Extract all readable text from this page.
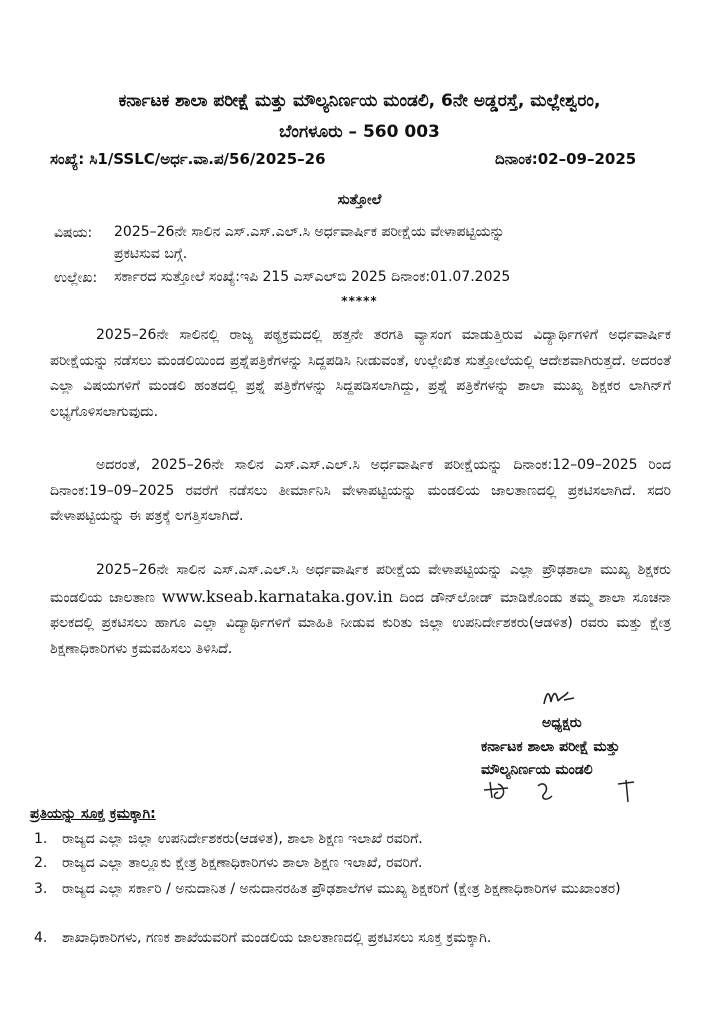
ಕರ್ನಾಟಕ ಶಾಲಾ ಪರೀಕ್ಷೆ ಮತ್ತು ಮೌಲ್ಯನಿರ್ಣಯ ಮಂಡಲಿ, 6ನೇ ಅಡ್ಡರಸ್ತೆ, ಮಲ್ಲೇಶ್ವರಂ,
ಬೆಂಗಳೂರು – 560 003
ಸಂಖ್ಯೆ: ಸಿ1/SSLC/ಅರ್ಧ.ವಾ.ಪ/56/2025–26	ದಿನಾಂಕ:02–09–2025
ಸುತ್ತೋಲೆ
ವಿಷಯ: 2025–26ನೇ ಸಾಲಿನ ಎಸ್.ಎಸ್.ಎಲ್.ಸಿ ಅರ್ಧವಾರ್ಷಿಕ ಪರೀಕ್ಷೆಯ ವೇಳಾಪಟ್ಟಿಯನ್ನು
ಪ್ರಕಟಿಸುವ ಬಗ್ಗೆ.
ಉಲ್ಲೇಖ: ಸರ್ಕಾರದ ಸುತ್ತೋಲೆ ಸಂಖ್ಯೆ:ಇಪಿ 215 ಎಸ್‌ಎಲ್‌ಬಿ 2025 ದಿನಾಂಕ:01.07.2025
*****
2025–26ನೇ ಸಾಲಿನಲ್ಲಿ ರಾಜ್ಯ ಪಠ್ಯಕ್ರಮದಲ್ಲಿ ಹತ್ತನೇ ತರಗತಿ ವ್ಯಾಸಂಗ ಮಾಡುತ್ತಿರುವ ವಿದ್ಯಾರ್ಥಿಗಳಿಗೆ ಅರ್ಧವಾರ್ಷಿಕ ಪರೀಕ್ಷೆಯನ್ನು ನಡೆಸಲು ಮಂಡಲಿಯಿಂದ ಪ್ರಶ್ನೆಪತ್ರಿಕೆಗಳನ್ನು ಸಿದ್ದಪಡಿಸಿ ನೀಡುವಂತೆ, ಉಲ್ಲೇಖಿತ ಸುತ್ತೋಲೆಯಲ್ಲಿ ಆದೇಶವಾಗಿರುತ್ತದೆ. ಅದರಂತೆ ಎಲ್ಲಾ ವಿಷಯಗಳಿಗೆ ಮಂಡಲಿ ಹಂತದಲ್ಲಿ ಪ್ರಶ್ನೆ ಪತ್ರಿಕೆಗಳನ್ನು ಸಿದ್ದಪಡಿಸಲಾಗಿದ್ದು, ಪ್ರಶ್ನೆ ಪತ್ರಿಕೆಗಳನ್ನು ಶಾಲಾ ಮುಖ್ಯ ಶಿಕ್ಷಕರ ಲಾಗಿನ್‌ಗೆ ಲಭ್ಯಗೊಳಿಸಲಾಗುವುದು.
ಅದರಂತೆ, 2025–26ನೇ ಸಾಲಿನ ಎಸ್.ಎಸ್.ಎಲ್.ಸಿ ಅರ್ಧವಾರ್ಷಿಕ ಪರೀಕ್ಷೆಯನ್ನು ದಿನಾಂಕ:12–09–2025 ರಿಂದ ದಿನಾಂಕ:19–09–2025 ರವರೆಗೆ ನಡೆಸಲು ತೀರ್ಮಾನಿಸಿ ವೇಳಾಪಟ್ಟಿಯನ್ನು ಮಂಡಲಿಯ ಜಾಲತಾಣದಲ್ಲಿ ಪ್ರಕಟಿಸಲಾಗಿದೆ. ಸದರಿ ವೇಳಾಪಟ್ಟಿಯನ್ನು ಈ ಪತ್ರಕ್ಕೆ ಲಗತ್ತಿಸಲಾಗಿದೆ.
2025–26ನೇ ಸಾಲಿನ ಎಸ್.ಎಸ್.ಎಲ್.ಸಿ ಅರ್ಧವಾರ್ಷಿಕ ಪರೀಕ್ಷೆಯ ವೇಳಾಪಟ್ಟಿಯನ್ನು ಎಲ್ಲಾ ಪ್ರೌಢಶಾಲಾ ಮುಖ್ಯ ಶಿಕ್ಷಕರು ಮಂಡಲಿಯ ಜಾಲತಾಣ www.kseab.karnataka.gov.in ದಿಂದ ಡೌನ್‌ಲೋಡ್ ಮಾಡಿಕೊಂಡು ತಮ್ಮ ಶಾಲಾ ಸೂಚನಾ ಫಲಕದಲ್ಲಿ ಪ್ರಕಟಿಸಲು ಹಾಗೂ ಎಲ್ಲಾ ವಿದ್ಯಾರ್ಥಿಗಳಿಗೆ ಮಾಹಿತಿ ನೀಡುವ ಕುರಿತು ಜಿಲ್ಲಾ ಉಪನಿರ್ದೇಶಕರು(ಆಡಳಿತ) ರವರು ಮತ್ತು ಕ್ಷೇತ್ರ ಶಿಕ್ಷಣಾಧಿಕಾರಿಗಳು ಕ್ರಮವಹಿಸಲು ತಿಳಿಸಿದೆ.
ಅಧ್ಯಕ್ಷರು
ಕರ್ನಾಟಕ ಶಾಲಾ ಪರೀಕ್ಷೆ ಮತ್ತು
ಮೌಲ್ಯನಿರ್ಣಯ ಮಂಡಲಿ
ಪ್ರತಿಯನ್ನು ಸೂಕ್ತ ಕ್ರಮಕ್ಕಾಗಿ:
1. ರಾಜ್ಯದ ಎಲ್ಲಾ ಜಿಲ್ಲಾ ಉಪನಿರ್ದೇಶಕರು(ಆಡಳಿತ), ಶಾಲಾ ಶಿಕ್ಷಣ ಇಲಾಖೆ ರವರಿಗೆ.
2. ರಾಜ್ಯದ ಎಲ್ಲಾ ತಾಲ್ಲೂಕು ಕ್ಷೇತ್ರ ಶಿಕ್ಷಣಾಧಿಕಾರಿಗಳು ಶಾಲಾ ಶಿಕ್ಷಣ ಇಲಾಖೆ, ರವರಿಗೆ.
3. ರಾಜ್ಯದ ಎಲ್ಲಾ ಸರ್ಕಾರಿ / ಅನುದಾನಿತ / ಅನುದಾನರಹಿತ ಪ್ರೌಢಶಾಲೆಗಳ ಮುಖ್ಯ ಶಿಕ್ಷಕರಿಗೆ (ಕ್ಷೇತ್ರ ಶಿಕ್ಷಣಾಧಿಕಾರಿಗಳ ಮುಖಾಂತರ)
4. ಶಾಖಾಧಿಕಾರಿಗಳು, ಗಣಕ ಶಾಖೆಯವರಿಗೆ ಮಂಡಲಿಯ ಜಾಲತಾಣದಲ್ಲಿ ಪ್ರಕಟಿಸಲು ಸೂಕ್ತ ಕ್ರಮಕ್ಕಾಗಿ.
